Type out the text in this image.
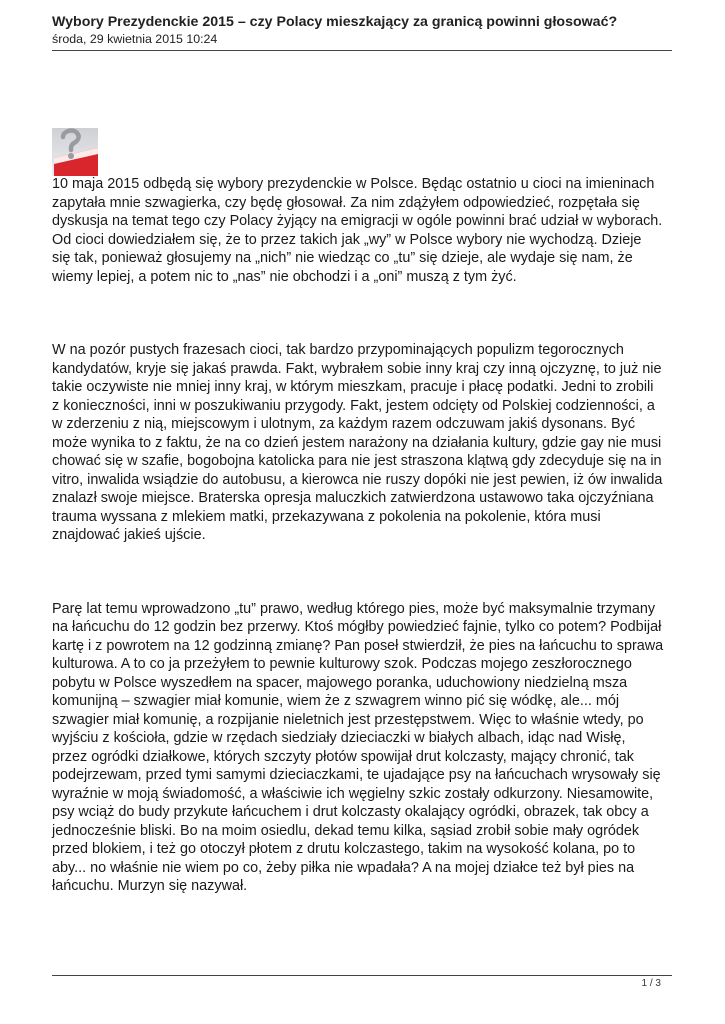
Wybory Prezydenckie 2015 – czy Polacy mieszkający za granicą powinni głosować?
środa, 29 kwietnia 2015 10:24

10 maja 2015 odbędą się wybory prezydenckie w Polsce. Będąc ostatnio u cioci na imieninach
zapytała mnie szwagierka, czy będę głosował. Za nim zdążyłem odpowiedzieć, rozpętała się
dyskusja na temat tego czy Polacy żyjący na emigracji w ogóle powinni brać udział w wyborach.
Od cioci dowiedziałem się, że to przez takich jak „wy” w Polsce wybory nie wychodzą. Dzieje
się tak, ponieważ głosujemy na „nich” nie wiedząc co „tu” się dzieje, ale wydaje się nam, że
wiemy lepiej, a potem nic to „nas” nie obchodzi i a „oni” muszą z tym żyć.

W na pozór pustych frazesach cioci, tak bardzo przypominających populizm tegorocznych
kandydatów, kryje się jakaś prawda. Fakt, wybrałem sobie inny kraj czy inną ojczyznę, to już nie
takie oczywiste nie mniej inny kraj, w którym mieszkam, pracuje i płacę podatki. Jedni to zrobili
z konieczności, inni w poszukiwaniu przygody. Fakt, jestem odcięty od Polskiej codzienności, a
w zderzeniu z nią, miejscowym i ulotnym, za każdym razem odczuwam jakiś dysonans. Być
może wynika to z faktu, że na co dzień jestem narażony na działania kultury, gdzie gay nie musi
chować się w szafie, bogobojna katolicka para nie jest straszona klątwą gdy zdecyduje się na in
vitro, inwalida wsiądzie do autobusu, a kierowca nie ruszy dopóki nie jest pewien, iż ów inwalida
znalazł swoje miejsce. Braterska opresja maluczkich zatwierdzona ustawowo taka ojczyźniana
trauma wyssana z mlekiem matki, przekazywana z pokolenia na pokolenie, która musi
znajdować jakieś ujście.

Parę lat temu wprowadzono „tu” prawo, według którego pies, może być maksymalnie trzymany
na łańcuchu do 12 godzin bez przerwy. Ktoś mógłby powiedzieć fajnie, tylko co potem? Podbijał
kartę i z powrotem na 12 godzinną zmianę? Pan poseł stwierdził, że pies na łańcuchu to sprawa
kulturowa. A to co ja przeżyłem to pewnie kulturowy szok. Podczas mojego zeszłorocznego
pobytu w Polsce wyszedłem na spacer, majowego poranka, uduchowiony niedzielną msza
komunijną – szwagier miał komunie, wiem że z szwagrem winno pić się wódkę, ale... mój
szwagier miał komunię, a rozpijanie nieletnich jest przestępstwem. Więc to właśnie wtedy, po
wyjściu z kościoła, gdzie w rzędach siedziały dzieciaczki w białych albach, idąc nad Wisłę,
przez ogródki działkowe, których szczyty płotów spowijał drut kolczasty, mający chronić, tak
podejrzewam, przed tymi samymi dzieciaczkami, te ujadające psy na łańcuchach wrysowały się
wyraźnie w moją świadomość, a właściwie ich węgielny szkic zostały odkurzony. Niesamowite,
psy wciąż do budy przykute łańcuchem i drut kolczasty okalający ogródki, obrazek, tak obcy a
jednocześnie bliski. Bo na moim osiedlu, dekad temu kilka, sąsiad zrobił sobie mały ogródek
przed blokiem, i też go otoczył płotem z drutu kolczastego, takim na wysokość kolana, po to
aby... no właśnie nie wiem po co, żeby piłka nie wpadała? A na mojej działce też był pies na
łańcuchu. Murzyn się nazywał.

1 / 3
